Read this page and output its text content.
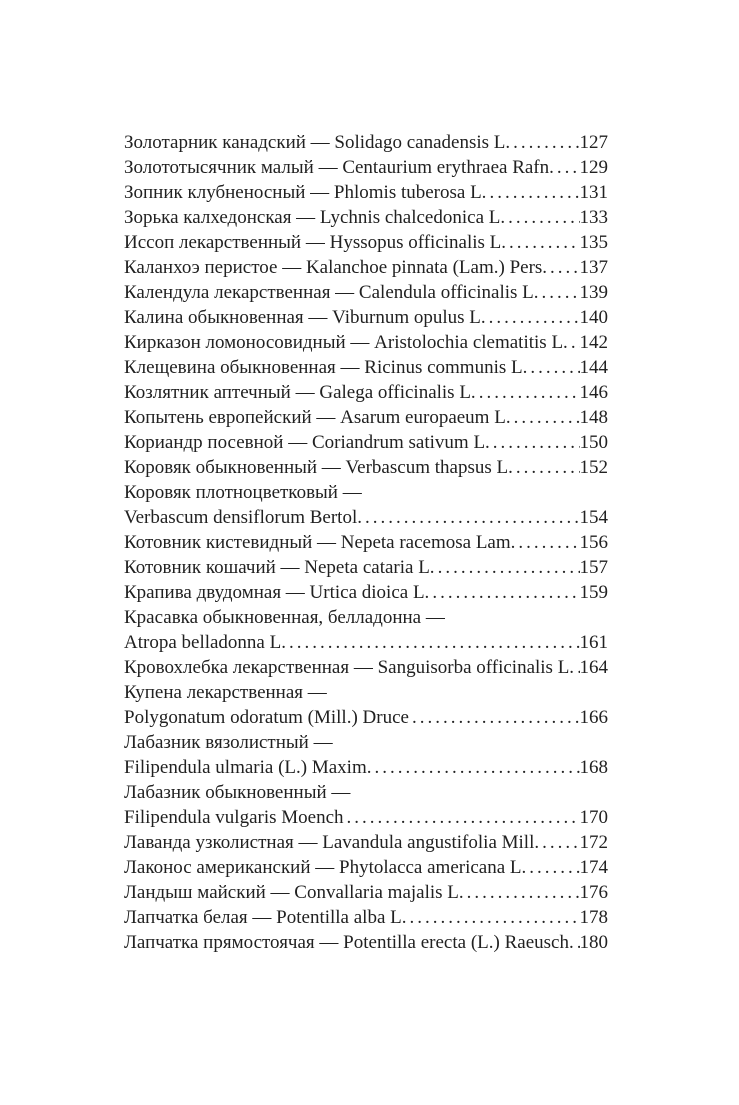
Золотарник канадский — Solidago canadensis L. .....	127
Золототысячник малый — Centaurium erythraea Rafn. ..... 129
Зопник клубненосный — Phlomis tuberosa L. .....	131
Зорька калхедонская — Lychnis chalcedonica L. .....	133
Иссоп лекарственный — Hyssopus officinalis L. .....	135
Каланхоэ перистое — Kalanchoe pinnata (Lam.) Pers. ..... 137
Календула лекарственная — Calendula officinalis L. ..... 139
Калина обыкновенная — Viburnum opulus L. .....	140
Кирказон ломоносовидный — Aristolochia clematitis L. ..... 142
Клещевина обыкновенная — Ricinus communis L. .....	144
Козлятник аптечный — Galega officinalis L. .....	146
Копытень европейский — Asarum europaeum L. .....	148
Кориандр посевной — Coriandrum sativum L. .....	150
Коровяк обыкновенный — Verbascum thapsus L. .....	152
Коровяк плотноцветковый —
Verbascum densiflorum Bertol. .....	154
Котовник кистевидный — Nepeta racemosa Lam. .....	156
Котовник кошачий — Nepeta cataria L. .....	157
Крапива двудомная — Urtica dioica L. .....	159
Красавка обыкновенная, белладонна —
Atropa belladonna L. .....	161
Кровохлебка лекарственная — Sanguisorba officinalis L. ..... 164
Купена лекарственная —
Polygonatum odoratum (Mill.) Druce .....	166
Лабазник вязолистный —
Filipendula ulmaria (L.) Maxim. .....	168
Лабазник обыкновенный —
Filipendula vulgaris Moench .....	170
Лаванда узколистная — Lavandula angustifolia Mill. ..... 172
Лаконос американский — Phytolacca americana L. .....	174
Ландыш майский — Convallaria majalis L. .....	176
Лапчатка белая — Potentilla alba L. .....	178
Лапчатка прямостоячая — Potentilla erecta (L.) Raeusch. ..... 180
